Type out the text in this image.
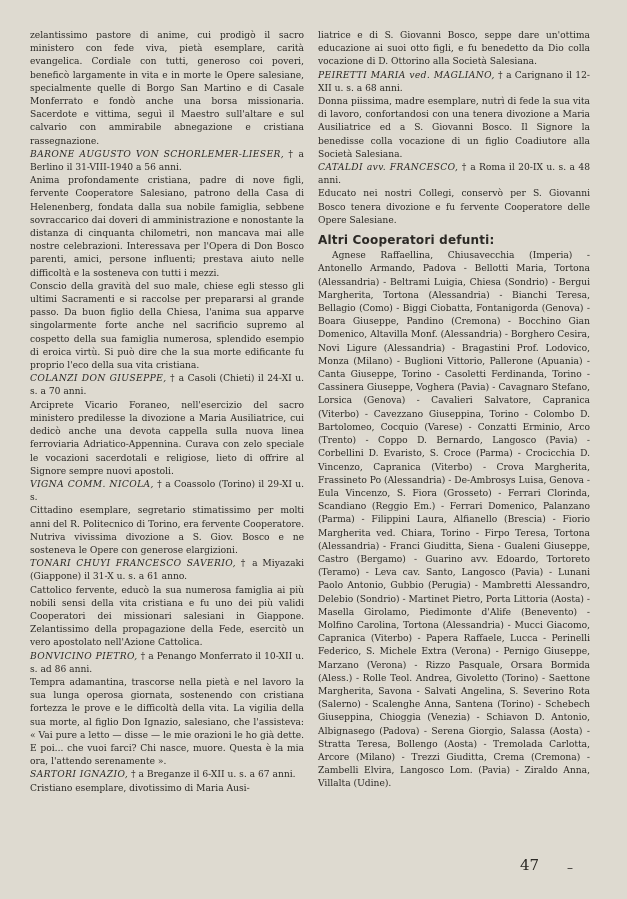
zelantissimo pastore di anime, cui prodigò il sacro ministero con fede viva, pietà esemplare, carità evangelica. Cordiale con tutti, generoso coi poveri, beneficò largamente in vita e in morte le Opere salesiane, specialmente quelle di Borgo San Martino e di Casale Monferrato e fondò anche una borsa missionaria. Sacerdote e vittima, seguì il Maestro sull'altare e sul calvario con ammirabile abnegazione e cristiana rassegnazione.

BARONE AUGUSTO VON SCHORLEMER-LIESER, † a Berlino il 31-VIII-1940 a 56 anni.

Anima profondamente cristiana, padre di nove figli, fervente Cooperatore Salesiano, patrono della Casa di Helenenberg, fondata dalla sua nobile famiglia, sebbene sovraccarico dai doveri di amministrazione e nonostante la distanza di cinquanta chilometri, non mancava mai alle nostre celebrazioni. Interessava per l'Opera di Don Bosco parenti, amici, persone influenti; prestava aiuto nelle difficoltà e la sosteneva con tutti i mezzi.

Conscio della gravità del suo male, chiese egli stesso gli ultimi Sacramenti e si raccolse per prepararsi al grande passo. Da buon figlio della Chiesa, l'anima sua apparve singolarmente forte anche nel sacrificio supremo al cospetto della sua famiglia numerosa, splendido esempio di eroica virtù. Si può dire che la sua morte edificante fu proprio l'eco della sua vita cristiana.

COLANZI DON GIUSEPPE, † a Casoli (Chieti) il 24-XI u. s. a 70 anni.

Arciprete Vicario Foraneo, nell'esercizio del sacro ministero predilesse la divozione a Maria Ausiliatrice, cui dedicò anche una devota cappella sulla nuova linea ferroviaria Adriatico-Appennina. Curava con zelo speciale le vocazioni sacerdotali e religiose, lieto di offrire al Signore sempre nuovi apostoli.

VIGNA COMM. NICOLA, † a Coassolo (Torino) il 29-XI u. s.

Cittadino esemplare, segretario stimatissimo per molti anni del R. Politecnico di Torino, era fervente Cooperatore. Nutriva vivissima divozione a S. Giov. Bosco e ne sosteneva le Opere con generose elargizioni.

TONARI CHUYI FRANCESCO SAVERIO, † a Miyazaki (Giappone) il 31-X u. s. a 61 anno.

Cattolico fervente, educò la sua numerosa famiglia ai più nobili sensi della vita cristiana e fu uno dei più validi Cooperatori dei missionari salesiani in Giappone. Zelantissimo della propagazione della Fede, esercitò un vero apostolato nell'Azione Cattolica.

BONVICINO PIETRO, † a Penango Monferrato il 10-XII u. s. ad 86 anni.

Tempra adamantina, trascorse nella pietà e nel lavoro la sua lunga operosa giornata, sostenendo con cristiana fortezza le prove e le difficoltà della vita. La vigilia della sua morte, al figlio Don Ignazio, salesiano, che l'assisteva: « Vai pure a letto — disse — le mie orazioni le ho già dette. E poi... che vuoi farci? Chi nasce, muore. Questa è la mia ora, l'attendo serenamente ».

SARTORI IGNAZIO, † a Breganze il 6-XII u. s. a 67 anni.

Cristiano esemplare, divotissimo di Maria Ausi-

liatrice e di S. Giovanni Bosco, seppe dare un'ottima educazione ai suoi otto figli, e fu benedetto da Dio colla vocazione di D. Ottorino alla Società Salesiana.

PEIRETTI MARIA ved. MAGLIANO, † a Carignano il 12-XII u. s. a 68 anni.

Donna piissima, madre esemplare, nutrì di fede la sua vita di lavoro, confortandosi con una tenera divozione a Maria Ausiliatrice ed a S. Giovanni Bosco. Il Signore la benedisse colla vocazione di un figlio Coadiutore alla Società Salesiana.

CATALDI avv. FRANCESCO, † a Roma il 20-IX u. s. a 48 anni.

Educato nei nostri Collegi, conservò per S. Giovanni Bosco tenera divozione e fu fervente Cooperatore delle Opere Salesiane.

Altri Cooperatori defunti:

Agnese Raffaellina, Chiusavecchia (Imperia) - Antonello Armando, Padova - Bellotti Maria, Tortona (Alessandria) - Beltrami Luigia, Chiesa (Sondrio) - Bergui Margherita, Tortona (Alessandria) - Bianchi Teresa, Bellagio (Como) - Biggi Ciobatta, Fontanigorda (Genova) - Boara Giuseppe, Pandino (Cremona) - Bocchino Gian Domenico, Altavilla Monf. (Alessandria) - Borghero Cesira, Novi Ligure (Alessandria) - Bragastini Prof. Lodovico, Monza (Milano) - Buglioni Vittorio, Pallerone (Apuania) - Canta Giuseppe, Torino - Casoletti Ferdinanda, Torino - Cassinera Giuseppe, Voghera (Pavia) - Cavagnaro Stefano, Lorsica (Genova) - Cavalieri Salvatore, Capranica (Viterbo) - Cavezzano Giuseppina, Torino - Colombo D. Bartolomeo, Cocquio (Varese) - Conzatti Erminio, Arco (Trento) - Coppo D. Bernardo, Langosco (Pavia) - Corbellini D. Evaristo, S. Croce (Parma) - Crocicchia D. Vincenzo, Capranica (Viterbo) - Crova Margherita, Frassineto Po (Alessandria) - De-Ambrosys Luisa, Genova - Eula Vincenzo, S. Fiora (Grosseto) - Ferrari Clorinda, Scandiano (Reggio Em.) - Ferrari Domenico, Palanzano (Parma) - Filippini Laura, Alfianello (Brescia) - Fiorio Margherita ved. Chiara, Torino - Firpo Teresa, Tortona (Alessandria) - Franci Giuditta, Siena - Gualeni Giuseppe, Castro (Bergamo) - Guarino avv. Edoardo, Tortoreto (Teramo) - Leva cav. Santo, Langosco (Pavia) - Lunani Paolo Antonio, Gubbio (Perugia) - Mambretti Alessandro, Delebio (Sondrio) - Martinet Pietro, Porta Littoria (Aosta) - Masella Girolamo, Piedimonte d'Alife (Benevento) - Molfino Carolina, Tortona (Alessandria) - Mucci Giacomo, Capranica (Viterbo) - Papera Raffaele, Lucca - Perinelli Federico, S. Michele Extra (Verona) - Pernigo Giuseppe, Marzano (Verona) - Rizzo Pasquale, Orsara Bormida (Aless.) - Rolle Teol. Andrea, Givoletto (Torino) - Saettone Margherita, Savona - Salvati Angelina, S. Severino Rota (Salerno) - Scalenghe Anna, Santena (Torino) - Schebech Giuseppina, Chioggia (Venezia) - Schiavon D. Antonio, Albignasego (Padova) - Serena Giorgio, Salassa (Aosta) - Stratta Teresa, Bollengo (Aosta) - Tremolada Carlotta, Arcore (Milano) - Trezzi Giuditta, Crema (Cremona) - Zambelli Elvira, Langosco Lom. (Pavia) - Ziraldo Anna, Villalta (Udine).

47 –
